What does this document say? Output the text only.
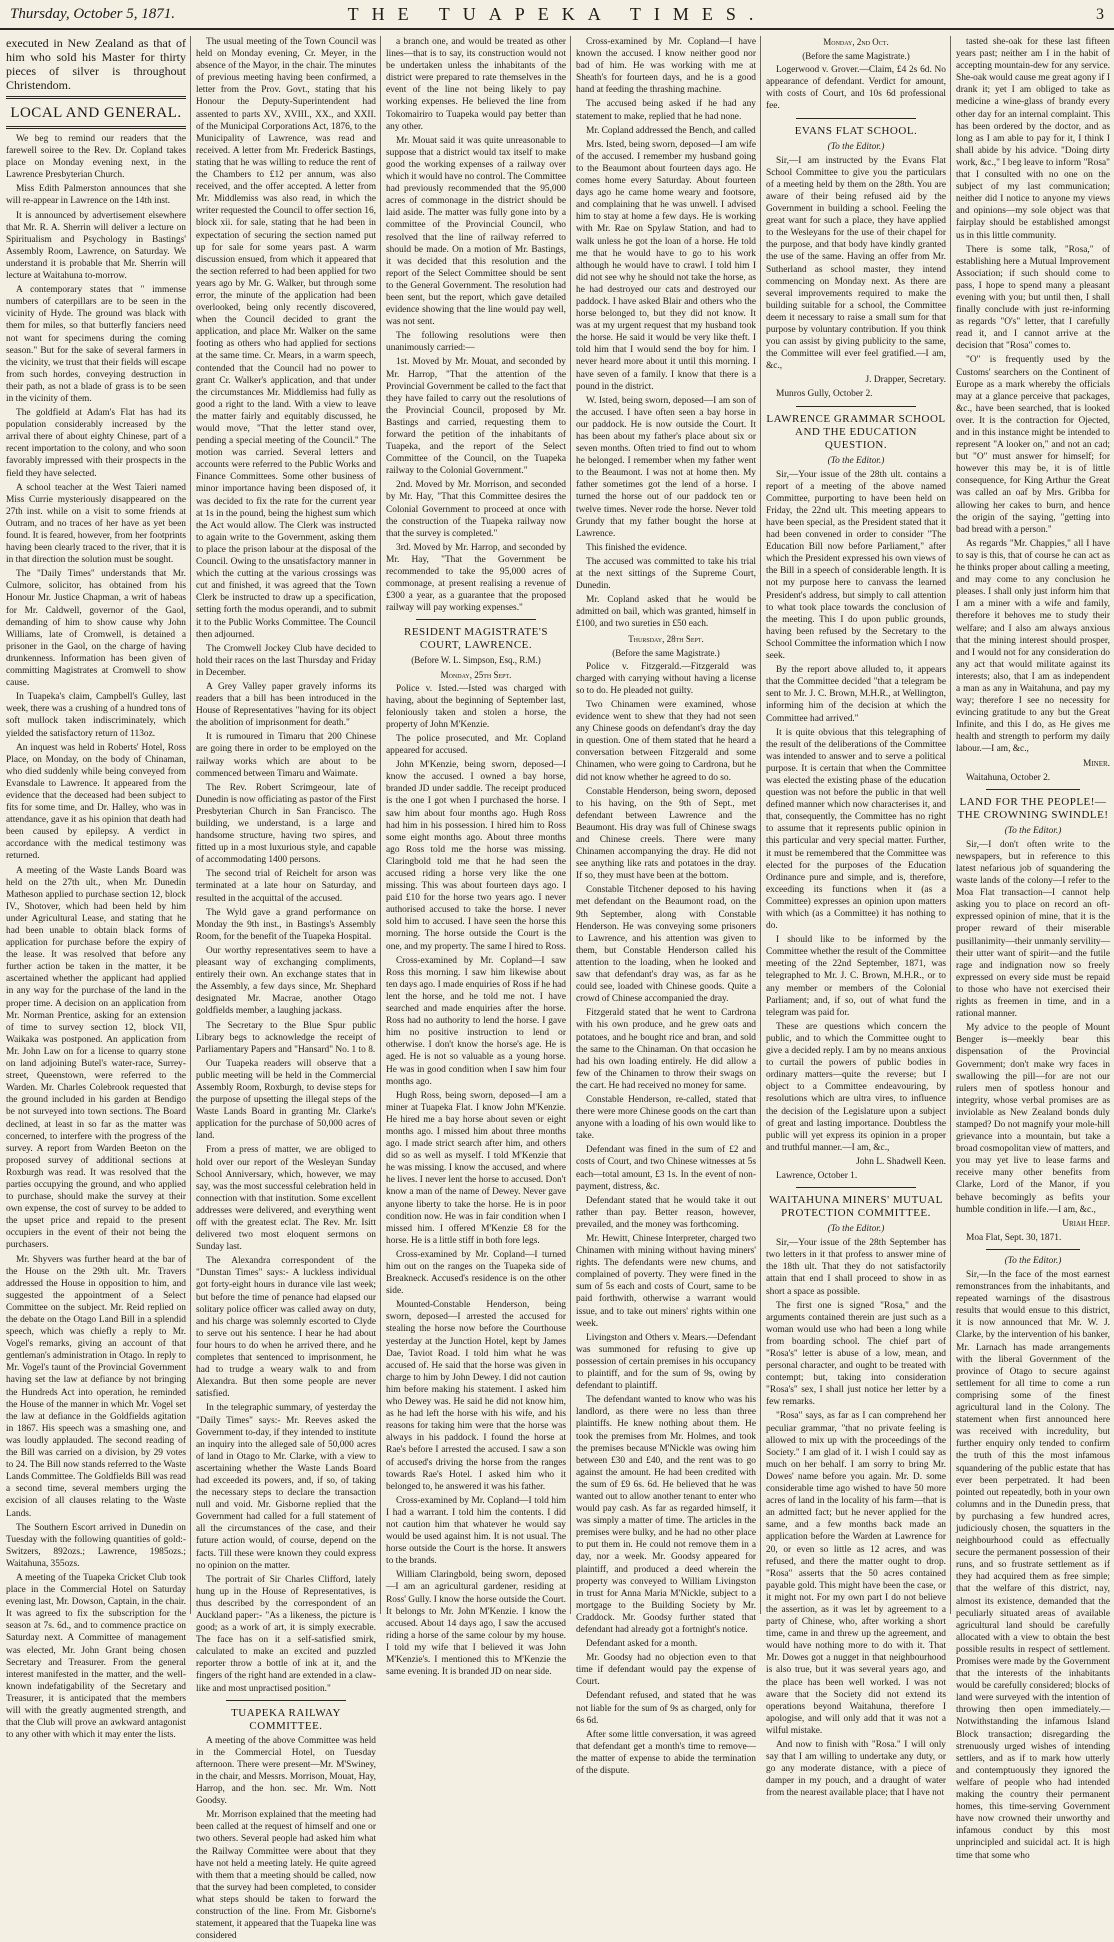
Thursday, October 5, 1871.	THE TUAPEKA TIMES.	3

executed in New Zealand as that of him who sold his Master for thirty pieces of silver is throughout Christendom.

LOCAL AND GENERAL.

We beg to remind our readers that the farewell soiree to the Rev. Dr. Copland takes place on Monday evening next, in the Lawrence Presbyterian Church.

Miss Edith Palmerston announces that she will re-appear in Lawrence on the 14th inst.

It is announced by advertisement elsewhere that Mr. R. A. Sherrin will deliver a lecture on Spiritualism and Psychology in Bastings' Assembly Room, Lawrence, on Saturday. We understand it is probable that Mr. Sherrin will lecture at Waitahuna to-morrow.

A contemporary states that " immense numbers of caterpillars are to be seen in the vicinity of Hyde. The ground was black with them for miles, so that butterfly fanciers need not want for specimens during the coming season." But for the sake of several farmers in the vicinity, we trust that their fields will escape from such hordes, conveying destruction in their path, as not a blade of grass is to be seen in the vicinity of them.

The goldfield at Adam's Flat has had its population considerably increased by the arrival there of about eighty Chinese, part of a recent importation to the colony, and who soon favorably impressed with their prospects in the field they have selected.

A school teacher at the West Taieri named Miss Currie mysteriously disappeared on the 27th inst. while on a visit to some friends at Outram, and no traces of her have as yet been found. It is feared, however, from her footprints having been clearly traced to the river, that it is in that direction the solution must be sought.

The "Daily Times" understands that Mr. Culmore, solicitor, has obtained from his Honour Mr. Justice Chapman, a writ of habeas for Mr. Caldwell, governor of the Gaol, demanding of him to show cause why John Williams, late of Cromwell, is detained a prisoner in the Gaol, on the charge of having drunkenness. Information has been given of committing Magistrates at Cromwell to show cause.

In Tuapeka's claim, Campbell's Gulley, last week, there was a crushing of a hundred tons of soft mullock taken indiscriminately, which yielded the satisfactory return of 113oz.

An inquest was held in Roberts' Hotel, Ross Place, on Monday, on the body of Chinaman, who died suddenly while being conveyed from Evansdale to Lawrence. It appeared from the evidence that the deceased had been subject to fits for some time, and Dr. Halley, who was in attendance, gave it as his opinion that death had been caused by epilepsy. A verdict in accordance with the medical testimony was returned.

A meeting of the Waste Lands Board was held on the 27th ult., when Mr. Dunedin Matheson applied to purchase section 12, block IV., Shotover, which had been held by him under Agricultural Lease, and stating that he had been unable to obtain black forms of application for purchase before the expiry of the lease. It was resolved that before any further action be taken in the matter, it be ascertained whether the applicant had applied in any way for the purchase of the land in the proper time. A decision on an application from Mr. Norman Prentice, asking for an extension of time to survey section 12, block VII, Waikaka was postponed. An application from Mr. John Law on for a license to quarry stone on land adjoining Butel's water-race, Surrey-street, Queenstown, were referred to the Warden. Mr. Charles Colebrook requested that the ground included in his garden at Bendigo be not surveyed into town sections. The Board declined, at least in so far as the matter was concerned, to interfere with the progress of the survey. A report from Warden Beeton on the proposed survey of additional sections at Roxburgh was read. It was resolved that the parties occupying the ground, and who applied to purchase, should make the survey at their own expense, the cost of survey to be added to the upset price and repaid to the present occupiers in the event of their not being the purchasers.

Mr. Shyvers was further heard at the bar of the House on the 29th ult. Mr. Travers addressed the House in opposition to him, and suggested the appointment of a Select Committee on the subject. Mr. Reid replied on the debate on the Otago Land Bill in a splendid speech, which was chiefly a reply to Mr. Vogel's remarks, giving an account of that gentleman's administration in Otago. In reply to Mr. Vogel's taunt of the Provincial Government having set the law at defiance by not bringing the Hundreds Act into operation, he reminded the House of the manner in which Mr. Vogel set the law at defiance in the Goldfields agitation in 1867. His speech was a smashing one, and was loudly applauded. The second reading of the Bill was carried on a division, by 29 votes to 24. The Bill now stands referred to the Waste Lands Committee. The Goldfields Bill was read a second time, several members urging the excision of all clauses relating to the Waste Lands.

The Southern Escort arrived in Dunedin on Tuesday with the following quantities of gold:- Switzers, 892ozs.; Lawrence, 1985ozs.; Waitahuna, 355ozs.

A meeting of the Tuapeka Cricket Club took place in the Commercial Hotel on Saturday evening last, Mr. Dowson, Captain, in the chair. It was agreed to fix the subscription for the season at 7s. 6d., and to commence practice on Saturday next. A Committee of management was elected, Mr. John Grant being chosen Secretary and Treasurer. From the general interest manifested in the matter, and the well-known indefatigability of the Secretary and Treasurer, it is anticipated that the members will with the greatly augmented strength, and that the Club will prove an awkward antagonist to any other with which it may enter the lists.

The usual meeting of the Town Council was held on Monday evening, Cr. Meyer, in the absence of the Mayor, in the chair. The minutes of previous meeting having been confirmed, a letter from the Prov. Govt., stating that his Honour the Deputy-Superintendent had assented to parts XV., XVIII., XX., and XXII. of the Municipal Corporations Act, 1876, to the Municipality of Lawrence, was read and received. A letter from Mr. Frederick Bastings, stating that he was willing to reduce the rent of the Chambers to £12 per annum, was also received, and the offer accepted. A letter from Mr. Middlemiss was also read, in which the writer requested the Council to offer section 16, block xii. for sale, stating that he had been in expectation of securing the section named put up for sale for some years past. A warm discussion ensued, from which it appeared that the section referred to had been applied for two years ago by Mr. G. Walker, but through some error, the minute of the application had been overlooked, being only recently discovered, when the Council decided to grant the application, and place Mr. Walker on the same footing as others who had applied for sections at the same time. Cr. Mears, in a warm speech, contended that the Council had no power to grant Cr. Walker's application, and that under the circumstances Mr. Middlemiss had fully as good a right to the land. With a view to leave the matter fairly and equitably discussed, he would move, "That the letter stand over, pending a special meeting of the Council." The motion was carried. Several letters and accounts were referred to the Public Works and Finance Committees. Some other business of minor importance having been disposed of, it was decided to fix the rate for the current year at 1s in the pound, being the highest sum which the Act would allow. The Clerk was instructed to again write to the Government, asking them to place the prison labour at the disposal of the Council. Owing to the unsatisfactory manner in which the cutting at the various crossings was cut and finished, it was agreed that the Town Clerk be instructed to draw up a specification, setting forth the modus operandi, and to submit it to the Public Works Committee. The Council then adjourned.

The Cromwell Jockey Club have decided to hold their races on the last Thursday and Friday in December.

A Grey Valley paper gravely informs its readers that a bill has been introduced in the House of Representatives "having for its object the abolition of imprisonment for death."

It is rumoured in Timaru that 200 Chinese are going there in order to be employed on the railway works which are about to be commenced between Timaru and Waimate.

The Rev. Robert Scrimgeour, late of Dunedin is now officiating as pastor of the First Presbyterian Church in San Francisco. The building, we understand, is a large and handsome structure, having two spires, and fitted up in a most luxurious style, and capable of accommodating 1400 persons.

The second trial of Reichelt for arson was terminated at a late hour on Saturday, and resulted in the acquittal of the accused.

The Wyld gave a grand performance on Monday the 9th inst., in Bastings's Assembly Room, for the benefit of the Tuapeka Hospital.

Our worthy representatives seem to have a pleasant way of exchanging compliments, entirely their own. An exchange states that in the Assembly, a few days since, Mr. Shephard designated Mr. Macrae, another Otago goldfields member, a laughing jackass.

The Secretary to the Blue Spur public Library begs to acknowledge the receipt of Parliamentary Papers and "Hansard" No. 1 to 8.

Our Tuapeka readers will observe that a public meeting will be held in the Commercial Assembly Room, Roxburgh, to devise steps for the purpose of upsetting the illegal steps of the Waste Lands Board in granting Mr. Clarke's application for the purchase of 50,000 acres of land.

From a press of matter, we are obliged to hold over our report of the Wesleyan Sunday School Anniversary, which, however, we may say, was the most successful celebration held in connection with that institution. Some excellent addresses were delivered, and everything went off with the greatest eclat. The Rev. Mr. Isitt delivered two most eloquent sermons on Sunday last.

The Alexandra correspondent of the "Dunstan Times" says:- A luckless individual got forty-eight hours in durance vile last week; but before the time of penance had elapsed our solitary police officer was called away on duty, and his charge was solemnly escorted to Clyde to serve out his sentence. I hear he had about four hours to do when he arrived there, and he completes that sentenced to imprisonment, he had to trudge a weary walk to and from Alexandra. But then some people are never satisfied.

In the telegraphic summary, of yesterday the "Daily Times" says:- Mr. Reeves asked the Government to-day, if they intended to institute an inquiry into the alleged sale of 50,000 acres of land in Otago to Mr. Clarke, with a view to ascertaining whether the Waste Lands Board had exceeded its powers, and, if so, of taking the necessary steps to declare the transaction null and void. Mr. Gisborne replied that the Government had called for a full statement of all the circumstances of the case, and their future action would, of course, depend on the facts. Till these were known they could express no opinion on the matter.

The portrait of Sir Charles Clifford, lately hung up in the House of Representatives, is thus described by the correspondent of an Auckland paper:- "As a likeness, the picture is good; as a work of art, it is simply execrable. The face has on it a self-satisfied smirk, calculated to make an excited and puzzled reporter throw a bottle of ink at it, and the fingers of the right hand are extended in a claw-like and most unpractised position."

TUAPEKA RAILWAY COMMITTEE.

A meeting of the above Committee was held in the Commercial Hotel, on Tuesday afternoon. There were present—Mr. M'Swiney, in the chair, and Messrs. Morrison, Mouat, Hay, Harrop, and the hon. sec. Mr. Wm. Nott Goodsy.

Mr. Morrison explained that the meeting had been called at the request of himself and one or two others. Several people had asked him what the Railway Committee were about that they have not held a meeting lately. He quite agreed with them that a meeting should be called, now that the survey had been completed, to consider what steps should be taken to forward the construction of the line. From Mr. Gisborne's statement, it appeared that the Tuapeka line was considered

a branch one, and would be treated as other lines—that is to say, its construction would not be undertaken unless the inhabitants of the district were prepared to rate themselves in the event of the line not being likely to pay working expenses. He believed the line from Tokomairiro to Tuapeka would pay better than any other.

Mr. Mouat said it was quite unreasonable to suppose that a district would tax itself to make good the working expenses of a railway over which it would have no control. The Committee had previously recommended that the 95,000 acres of commonage in the district should be laid aside. The matter was fully gone into by a committee of the Provincial Council, who resolved that the line of railway referred to should be made. On a motion of Mr. Bastings, it was decided that this resolution and the report of the Select Committee should be sent to the General Government. The resolution had been sent, but the report, which gave detailed evidence showing that the line would pay well, was not sent.

The following resolutions were then unanimously carried:—

1st. Moved by Mr. Mouat, and seconded by Mr. Harrop, "That the attention of the Provincial Government be called to the fact that they have failed to carry out the resolutions of the Provincial Council, proposed by Mr. Bastings and carried, requesting them to forward the petition of the inhabitants of Tuapeka, and the report of the Select Committee of the Council, on the Tuapeka railway to the Colonial Government."

2nd. Moved by Mr. Morrison, and seconded by Mr. Hay, "That this Committee desires the Colonial Government to proceed at once with the construction of the Tuapeka railway now that the survey is completed."

3rd. Moved by Mr. Harrop, and seconded by Mr. Hay, "That the Government be recommended to take the 95,000 acres of commonage, at present realising a revenue of £300 a year, as a guarantee that the proposed railway will pay working expenses."

RESIDENT MAGISTRATE'S COURT, LAWRENCE.

(Before W. L. Simpson, Esq., R.M.)

Monday, 25th Sept.

Police v. Isted.—Isted was charged with having, about the beginning of September last, feloniously taken and stolen a horse, the property of John M'Kenzie.

The police prosecuted, and Mr. Copland appeared for accused.

John M'Kenzie, being sworn, deposed—I know the accused. I owned a bay horse, branded JD under saddle. The receipt produced is the one I got when I purchased the horse. I saw him about four months ago. Hugh Ross had him in his possession. I hired him to Ross some eight months ago. About three months ago Ross told me the horse was missing. Claringbold told me that he had seen the accused riding a horse very like the one missing. This was about fourteen days ago. I paid £10 for the horse two years ago. I never authorised accused to take the horse. I never sold him to accused. I have seen the horse this morning. The horse outside the Court is the one, and my property. The same I hired to Ross.

Cross-examined by Mr. Copland—I saw Ross this morning. I saw him likewise about ten days ago. I made enquiries of Ross if he had lent the horse, and he told me not. I have searched and made enquiries after the horse. Ross had no authority to lend the horse. I gave him no positive instruction to lend or otherwise. I don't know the horse's age. He is aged. He is not so valuable as a young horse. He was in good condition when I saw him four months ago.

Hugh Ross, being sworn, deposed—I am a miner at Tuapeka Flat. I know John M'Kenzie. He hired me a bay horse about seven or eight months ago. I missed him about three months ago. I made strict search after him, and others did so as well as myself. I told M'Kenzie that he was missing. I know the accused, and where he lives. I never lent the horse to accused. Don't know a man of the name of Dewey. Never gave anyone liberty to take the horse. He is in poor condition now. He was in fair condition when I missed him. I offered M'Kenzie £8 for the horse. He is a little stiff in both fore legs.

Cross-examined by Mr. Copland—I turned him out on the ranges on the Tuapeka side of Breakneck. Accused's residence is on the other side.

Mounted-Constable Henderson, being sworn, deposed—I arrested the accused for stealing the horse now before the Courthouse yesterday at the Junction Hotel, kept by James Dae, Taviot Road. I told him what he was accused of. He said that the horse was given in charge to him by John Dewey. I did not caution him before making his statement. I asked him who Dewey was. He said he did not know him, as he had left the horse with his wife, and his reasons for taking him were that the horse was always in his paddock. I found the horse at Rae's before I arrested the accused. I saw a son of accused's driving the horse from the ranges towards Rae's Hotel. I asked him who it belonged to, he answered it was his father.

Cross-examined by Mr. Copland—I told him I had a warrant. I told him the contents. I did not caution him that whatever he would say would be used against him. It is not usual. The horse outside the Court is the horse. It answers to the brands.

William Claringbold, being sworn, deposed—I am an agricultural gardener, residing at Ross' Gully. I know the horse outside the Court. It belongs to Mr. John M'Kenzie. I know the accused. About 14 days ago, I saw the accused riding a horse of the same colour by my house. I told my wife that I believed it was John M'Kenzie's. I mentioned this to M'Kenzie the same evening. It is branded JD on near side.

Cross-examined by Mr. Copland—I have known the accused. I know neither good nor bad of him. He was working with me at Sheath's for fourteen days, and he is a good hand at feeding the thrashing machine.

The accused being asked if he had any statement to make, replied that he had none.

Mr. Copland addressed the Bench, and called

Mrs. Isted, being sworn, deposed—I am wife of the accused. I remember my husband going to the Beaumont about fourteen days ago. He comes home every Saturday. About fourteen days ago he came home weary and footsore, and complaining that he was unwell. I advised him to stay at home a few days. He is working with Mr. Rae on Spylaw Station, and had to walk unless he got the loan of a horse. He told me that he would have to go to his work although he would have to crawl. I told him I did not see why he should not take the horse, as he had destroyed our cats and destroyed our paddock. I have asked Blair and others who the horse belonged to, but they did not know. It was at my urgent request that my husband took the horse. He said it would be very like theft. I told him that I would send the boy for him. I never heard more about it until this morning. I have seven of a family. I know that there is a pound in the district.

W. Isted, being sworn, deposed—I am son of the accused. I have often seen a bay horse in our paddock. He is now outside the Court. It has been about my father's place about six or seven months. Often tried to find out to whom he belonged. I remember when my father went to the Beaumont. I was not at home then. My father sometimes got the lend of a horse. I turned the horse out of our paddock ten or twelve times. Never rode the horse. Never told Grundy that my father bought the horse at Lawrence.

This finished the evidence.

The accused was committed to take his trial at the next sittings of the Supreme Court, Dunedin.

Mr. Copland asked that he would be admitted on bail, which was granted, himself in £100, and two sureties in £50 each.

Thursday, 28th Sept.

(Before the same Magistrate.)

Police v. Fitzgerald.—Fitzgerald was charged with carrying without having a license so to do. He pleaded not guilty.

Two Chinamen were examined, whose evidence went to shew that they had not seen any Chinese goods on defendant's dray the day in question. One of them stated that he heard a conversation between Fitzgerald and some Chinamen, who were going to Cardrona, but he did not know whether he agreed to do so.

Constable Henderson, being sworn, deposed to his having, on the 9th of Sept., met defendant between Lawrence and the Beaumont. His dray was full of Chinese swags and Chinese creels. There were many Chinamen accompanying the dray. He did not see anything like rats and potatoes in the dray. If so, they must have been at the bottom.

Constable Titchener deposed to his having met defendant on the Beaumont road, on the 9th September, along with Constable Henderson. He was conveying some prisoners to Lawrence, and his attention was given to them, but Constable Henderson called his attention to the loading, when he looked and saw that defendant's dray was, as far as he could see, loaded with Chinese goods. Quite a crowd of Chinese accompanied the dray.

Fitzgerald stated that he went to Cardrona with his own produce, and he grew oats and potatoes, and he bought rice and bran, and sold the same to the Chinaman. On that occasion he had his own loading entirely. He did allow a few of the Chinamen to throw their swags on the cart. He had received no money for same.

Constable Henderson, re-called, stated that there were more Chinese goods on the cart than anyone with a loading of his own would like to take.

Defendant was fined in the sum of £2 and costs of Court, and two Chinese witnesses at 5s each—total amount, £3 1s. In the event of non-payment, distress, &c.

Defendant stated that he would take it out rather than pay. Better reason, however, prevailed, and the money was forthcoming.

Mr. Hewitt, Chinese Interpreter, charged two Chinamen with mining without having miners' rights. The defendants were new chums, and complained of poverty. They were fined in the sum of 5s each and costs of Court, same to be paid forthwith, otherwise a warrant would issue, and to take out miners' rights within one week.

Livingston and Others v. Mears.—Defendant was summoned for refusing to give up possession of certain premises in his occupancy to plaintiff, and for the sum of 9s, owing by defendant to plaintiff.

The defendant wanted to know who was his landlord, as there were no less than three plaintiffs. He knew nothing about them. He took the premises from Mr. Holmes, and took the premises because M'Nickle was owing him between £30 and £40, and the rent was to go against the amount. He had been credited with the sum of £9 6s. 6d. He believed that he was wanted out to allow another tenant to enter who would pay cash. As far as regarded himself, it was simply a matter of time. The articles in the premises were bulky, and he had no other place to put them in. He could not remove them in a day, nor a week. Mr. Goodsy appeared for plaintiff, and produced a deed wherein the property was conveyed to William Livingston in trust for Anna Maria M'Nickle, subject to a mortgage to the Building Society by Mr. Craddock. Mr. Goodsy further stated that defendant had already got a fortnight's notice.

Defendant asked for a month.

Mr. Goodsy had no objection even to that time if defendant would pay the expense of Court.

Defendant refused, and stated that he was not liable for the sum of 9s as charged, only for 6s 6d.

After some little conversation, it was agreed that defendant get a month's time to remove—the matter of expense to abide the termination of the dispute.

Monday, 2nd Oct.

(Before the same Magistrate.)

Logerwood v. Grover.—Claim, £4 2s 6d. No appearance of defendant. Verdict for amount, with costs of Court, and 10s 6d professional fee.

EVANS FLAT SCHOOL.

(To the Editor.)

Sir,—I am instructed by the Evans Flat School Committee to give you the particulars of a meeting held by them on the 28th. You are aware of their being refused aid by the Government in building a school. Feeling the great want for such a place, they have applied to the Wesleyans for the use of their chapel for the purpose, and that body have kindly granted the use of the same. Having an offer from Mr. Sutherland as school master, they intend commencing on Monday next. As there are several improvements required to make the building suitable for a school, the Committee deem it necessary to raise a small sum for that purpose by voluntary contribution. If you think you can assist by giving publicity to the same, the Committee will ever feel gratified.—I am, &c.,

J. Drapper, Secretary.

Munros Gully, October 2.

LAWRENCE GRAMMAR SCHOOL AND THE EDUCATION QUESTION.

(To the Editor.)

Sir,—Your issue of the 28th ult. contains a report of a meeting of the above named Committee, purporting to have been held on Friday, the 22nd ult. This meeting appears to have been special, as the President stated that it had been convened in order to consider "The Education Bill now before Parliament," after which the President expressed his own views of the Bill in a speech of considerable length. It is not my purpose here to canvass the learned President's address, but simply to call attention to what took place towards the conclusion of the meeting. This I do upon public grounds, having been refused by the Secretary to the School Committee the information which I now seek.

By the report above alluded to, it appears that the Committee decided "that a telegram be sent to Mr. J. C. Brown, M.H.R., at Wellington, informing him of the decision at which the Committee had arrived."

It is quite obvious that this telegraphing of the result of the deliberations of the Committee was intended to answer and to serve a political purpose. It is certain that when the Committee was elected the existing phase of the education question was not before the public in that well defined manner which now characterises it, and that, consequently, the Committee has no right to assume that it represents public opinion in this particular and very special matter. Further, it must be remembered that the Committee was elected for the purposes of the Education Ordinance pure and simple, and is, therefore, exceeding its functions when it (as a Committee) expresses an opinion upon matters with which (as a Committee) it has nothing to do.

I should like to be informed by the Committee whether the result of the Committee meeting of the 22nd September, 1871, was telegraphed to Mr. J. C. Brown, M.H.R., or to any member or members of the Colonial Parliament; and, if so, out of what fund the telegram was paid for.

These are questions which concern the public, and to which the Committee ought to give a decided reply. I am by no means anxious to curtail the powers of public bodies in ordinary matters—quite the reverse; but I object to a Committee endeavouring, by resolutions which are ultra vires, to influence the decision of the Legislature upon a subject of great and lasting importance. Doubtless the public will yet express its opinion in a proper and truthful manner.—I am, &c.,

John L. Shadwell Keen.

Lawrence, October 1.

WAITAHUNA MINERS' MUTUAL PROTECTION COMMITTEE.

(To the Editor.)

Sir,—Your issue of the 28th September has two letters in it that profess to answer mine of the 18th ult. That they do not satisfactorily attain that end I shall proceed to show in as short a space as possible.

The first one is signed "Rosa," and the arguments contained therein are just such as a woman would use who had been a long while from boarding school. The chief part of "Rosa's" letter is abuse of a low, mean, and personal character, and ought to be treated with contempt; but, taking into consideration "Rosa's" sex, I shall just notice her letter by a few remarks.

"Rosa" says, as far as I can comprehend her peculiar grammar, "that no private feeling is allowed to mix up with the proceedings of the Society." I am glad of it. I wish I could say as much on her behalf. I am sorry to bring Mr. Dowes' name before you again. Mr. D. some considerable time ago wished to have 50 more acres of land in the locality of his farm—that is an admitted fact; but he never applied for the same, and a few months back made an application before the Warden at Lawrence for 20, or even so little as 12 acres, and was refused, and there the matter ought to drop. "Rosa" asserts that the 50 acres contained payable gold. This might have been the case, or it might not. For my own part I do not believe the assertion, as it was let by agreement to a party of Chinese, who, after working a short time, came in and threw up the agreement, and would have nothing more to do with it. That Mr. Dowes got a nugget in that neighbourhood is also true, but it was several years ago, and the place has been well worked. I was not aware that the Society did not extend its operations beyond Waitahuna, therefore I apologise, and will only add that it was not a wilful mistake.

And now to finish with "Rosa." I will only say that I am willing to undertake any duty, or go any moderate distance, with a piece of damper in my pouch, and a draught of water from the nearest available place; that I have not

tasted she-oak for these last fifteen years past; neither am I in the habit of accepting mountain-dew for any service. She-oak would cause me great agony if I drank it; yet I am obliged to take as medicine a wine-glass of brandy every other day for an internal complaint. This has been ordered by the doctor, and as long as I am able to pay for it, I think I shall abide by his advice. "Doing dirty work, &c.," I beg leave to inform "Rosa" that I consulted with no one on the subject of my last communication; neither did I notice to anyone my views and opinions—my sole object was that fairplay should be established amongst us in this little community.

There is some talk, "Rosa," of establishing here a Mutual Improvement Association; if such should come to pass, I hope to spend many a pleasant evening with you; but until then, I shall finally conclude with just re-informing as regards "O's" letter, that I carefully read it, and I cannot arrive at the decision that "Rosa" comes to.

"O" is frequently used by the Customs' searchers on the Continent of Europe as a mark whereby the officials may at a glance perceive that packages, &c., have been searched, that is looked over. It is the contraction for Ojected, and in this instance might be intended to represent "A looker on," and not an cad; but "O" must answer for himself; for however this may be, it is of little consequence, for King Arthur the Great was called an oaf by Mrs. Gribba for allowing her cakes to burn, and hence the origin of the saying, "getting into bad bread with a person."

As regards "Mr. Chappies," all I have to say is this, that of course he can act as he thinks proper about calling a meeting, and may come to any conclusion he pleases. I shall only just inform him that I am a miner with a wife and family, therefore it behoves me to study their welfare; and I also am always anxious that the mining interest should prosper, and I would not for any consideration do any act that would militate against its interests; also, that I am as independent a man as any in Waitahuna, and pay my way; therefore I see no necessity for evincing gratitude to any but the Great Infinite, and this I do, as He gives me health and strength to perform my daily labour.—I am, &c.,

Miner.

Waitahuna, October 2.

LAND FOR THE PEOPLE!—THE CROWNING SWINDLE!

(To the Editor.)

Sir,—I don't often write to the newspapers, but in reference to this latest nefarious job of squandering the waste lands of the colony—I refer to the Moa Flat transaction—I cannot help asking you to place on record an oft-expressed opinion of mine, that it is the proper reward of their miserable pusillanimity—their unmanly servility—their utter want of spirit—and the futile rage and indignation now so freely expressed on every side must be repaid to those who have not exercised their rights as freemen in time, and in a rational manner.

My advice to the people of Mount Benger is—meekly bear this dispensation of the Provincial Government; don't make wry faces in swallowing the pill—for are not our rulers men of spotless honour and integrity, whose verbal promises are as inviolable as New Zealand bonds duly stamped? Do not magnify your mole-hill grievance into a mountain, but take a broad cosmopolitan view of matters, and you may yet live to lease farms and receive many other benefits from Clarke, Lord of the Manor, if you behave becomingly as befits your humble condition in life.—I am, &c.,

Uriah Heep.

Moa Flat, Sept. 30, 1871.

(To the Editor.)

Sir,—In the face of the most earnest remonstrances from the inhabitants, and repeated warnings of the disastrous results that would ensue to this district, it is now announced that Mr. W. J. Clarke, by the intervention of his banker, Mr. Larnach has made arrangements with the liberal Government of the province of Otago to secure against settlement for all time to come a run comprising some of the finest agricultural land in the Colony. The statement when first announced here was received with incredulity, but further enquiry only tended to confirm the truth of this the most infamous squandering of the public estate that has ever been perpetrated. It had been pointed out repeatedly, both in your own columns and in the Dunedin press, that by purchasing a few hundred acres, judiciously chosen, the squatters in the neighbourhood could as effectually secure the permanent possession of their runs, and so frustrate settlement as if they had acquired them as free simple; that the welfare of this district, nay, almost its existence, demanded that the peculiarly situated areas of available agricultural land should be carefully allocated with a view to obtain the best possible results in respect of settlement. Promises were made by the Government that the interests of the inhabitants would be carefully considered; blocks of land were surveyed with the intention of throwing then open immediately.—Notwithstanding the infamous Island Block transaction; disregarding the strenuously urged wishes of intending settlers, and as if to mark how utterly and contemptuously they ignored the welfare of people who had intended making the country their permanent homes, this time-serving Government have now crowned their unworthy and infamous conduct by this most unprincipled and suicidal act. It is high time that some who
